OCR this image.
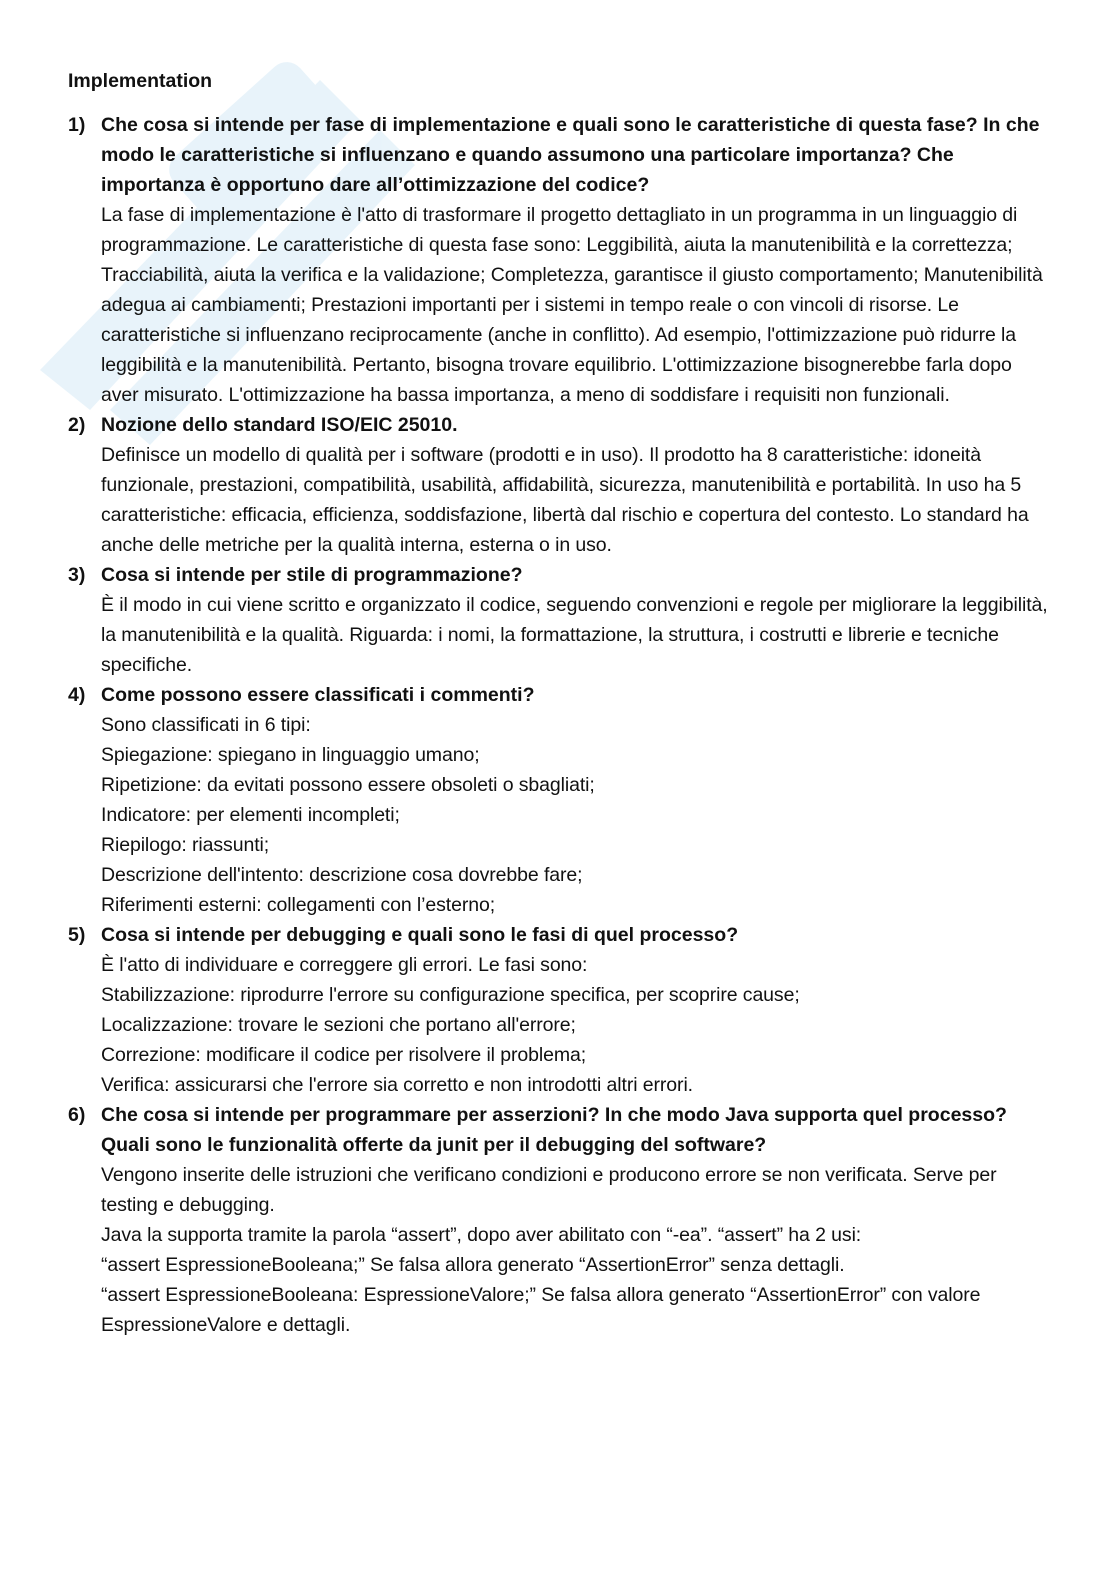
Implementation
1) Che cosa si intende per fase di implementazione e quali sono le caratteristiche di questa fase? In che modo le caratteristiche si influenzano e quando assumono una particolare importanza? Che importanza è opportuno dare all’ottimizzazione del codice?
La fase di implementazione è l'atto di trasformare il progetto dettagliato in un programma in un linguaggio di programmazione. Le caratteristiche di questa fase sono: Leggibilità, aiuta la manutenibilità e la correttezza; Tracciabilità, aiuta la verifica e la validazione; Completezza, garantisce il giusto comportamento; Manutenibilità adegua ai cambiamenti; Prestazioni importanti per i sistemi in tempo reale o con vincoli di risorse. Le caratteristiche si influenzano reciprocamente (anche in conflitto). Ad esempio, l'ottimizzazione può ridurre la leggibilità e la manutenibilità. Pertanto, bisogna trovare equilibrio. L'ottimizzazione bisognerebbe farla dopo aver misurato. L'ottimizzazione ha bassa importanza, a meno di soddisfare i requisiti non funzionali.
2) Nozione dello standard ISO/EIC 25010.
Definisce un modello di qualità per i software (prodotti e in uso). Il prodotto ha 8 caratteristiche: idoneità funzionale, prestazioni, compatibilità, usabilità, affidabilità, sicurezza, manutenibilità e portabilità. In uso ha 5 caratteristiche: efficacia, efficienza, soddisfazione, libertà dal rischio e copertura del contesto. Lo standard ha anche delle metriche per la qualità interna, esterna o in uso.
3) Cosa si intende per stile di programmazione?
È il modo in cui viene scritto e organizzato il codice, seguendo convenzioni e regole per migliorare la leggibilità, la manutenibilità e la qualità. Riguarda: i nomi, la formattazione, la struttura, i costrutti e librerie e tecniche specifiche.
4) Come possono essere classificati i commenti?
Sono classificati in 6 tipi:
Spiegazione: spiegano in linguaggio umano;
Ripetizione: da evitati possono essere obsoleti o sbagliati;
Indicatore: per elementi incompleti;
Riepilogo: riassunti;
Descrizione dell'intento: descrizione cosa dovrebbe fare;
Riferimenti esterni: collegamenti con l’esterno;
5) Cosa si intende per debugging e quali sono le fasi di quel processo?
È l'atto di individuare e correggere gli errori. Le fasi sono:
Stabilizzazione: riprodurre l'errore su configurazione specifica, per scoprire cause;
Localizzazione: trovare le sezioni che portano all'errore;
Correzione: modificare il codice per risolvere il problema;
Verifica: assicurarsi che l'errore sia corretto e non introdotti altri errori.
6) Che cosa si intende per programmare per asserzioni? In che modo Java supporta quel processo? Quali sono le funzionalità offerte da junit per il debugging del software?
Vengono inserite delle istruzioni che verificano condizioni e producono errore se non verificata. Serve per testing e debugging.
Java la supporta tramite la parola “assert”, dopo aver abilitato con “-ea”. “assert” ha 2 usi:
“assert EspressioneBooleana;” Se falsa allora generato “AssertionError” senza dettagli.
“assert EspressioneBooleana: EspressioneValore;” Se falsa allora generato “AssertionError” con valore EspressioneValore e dettagli.
